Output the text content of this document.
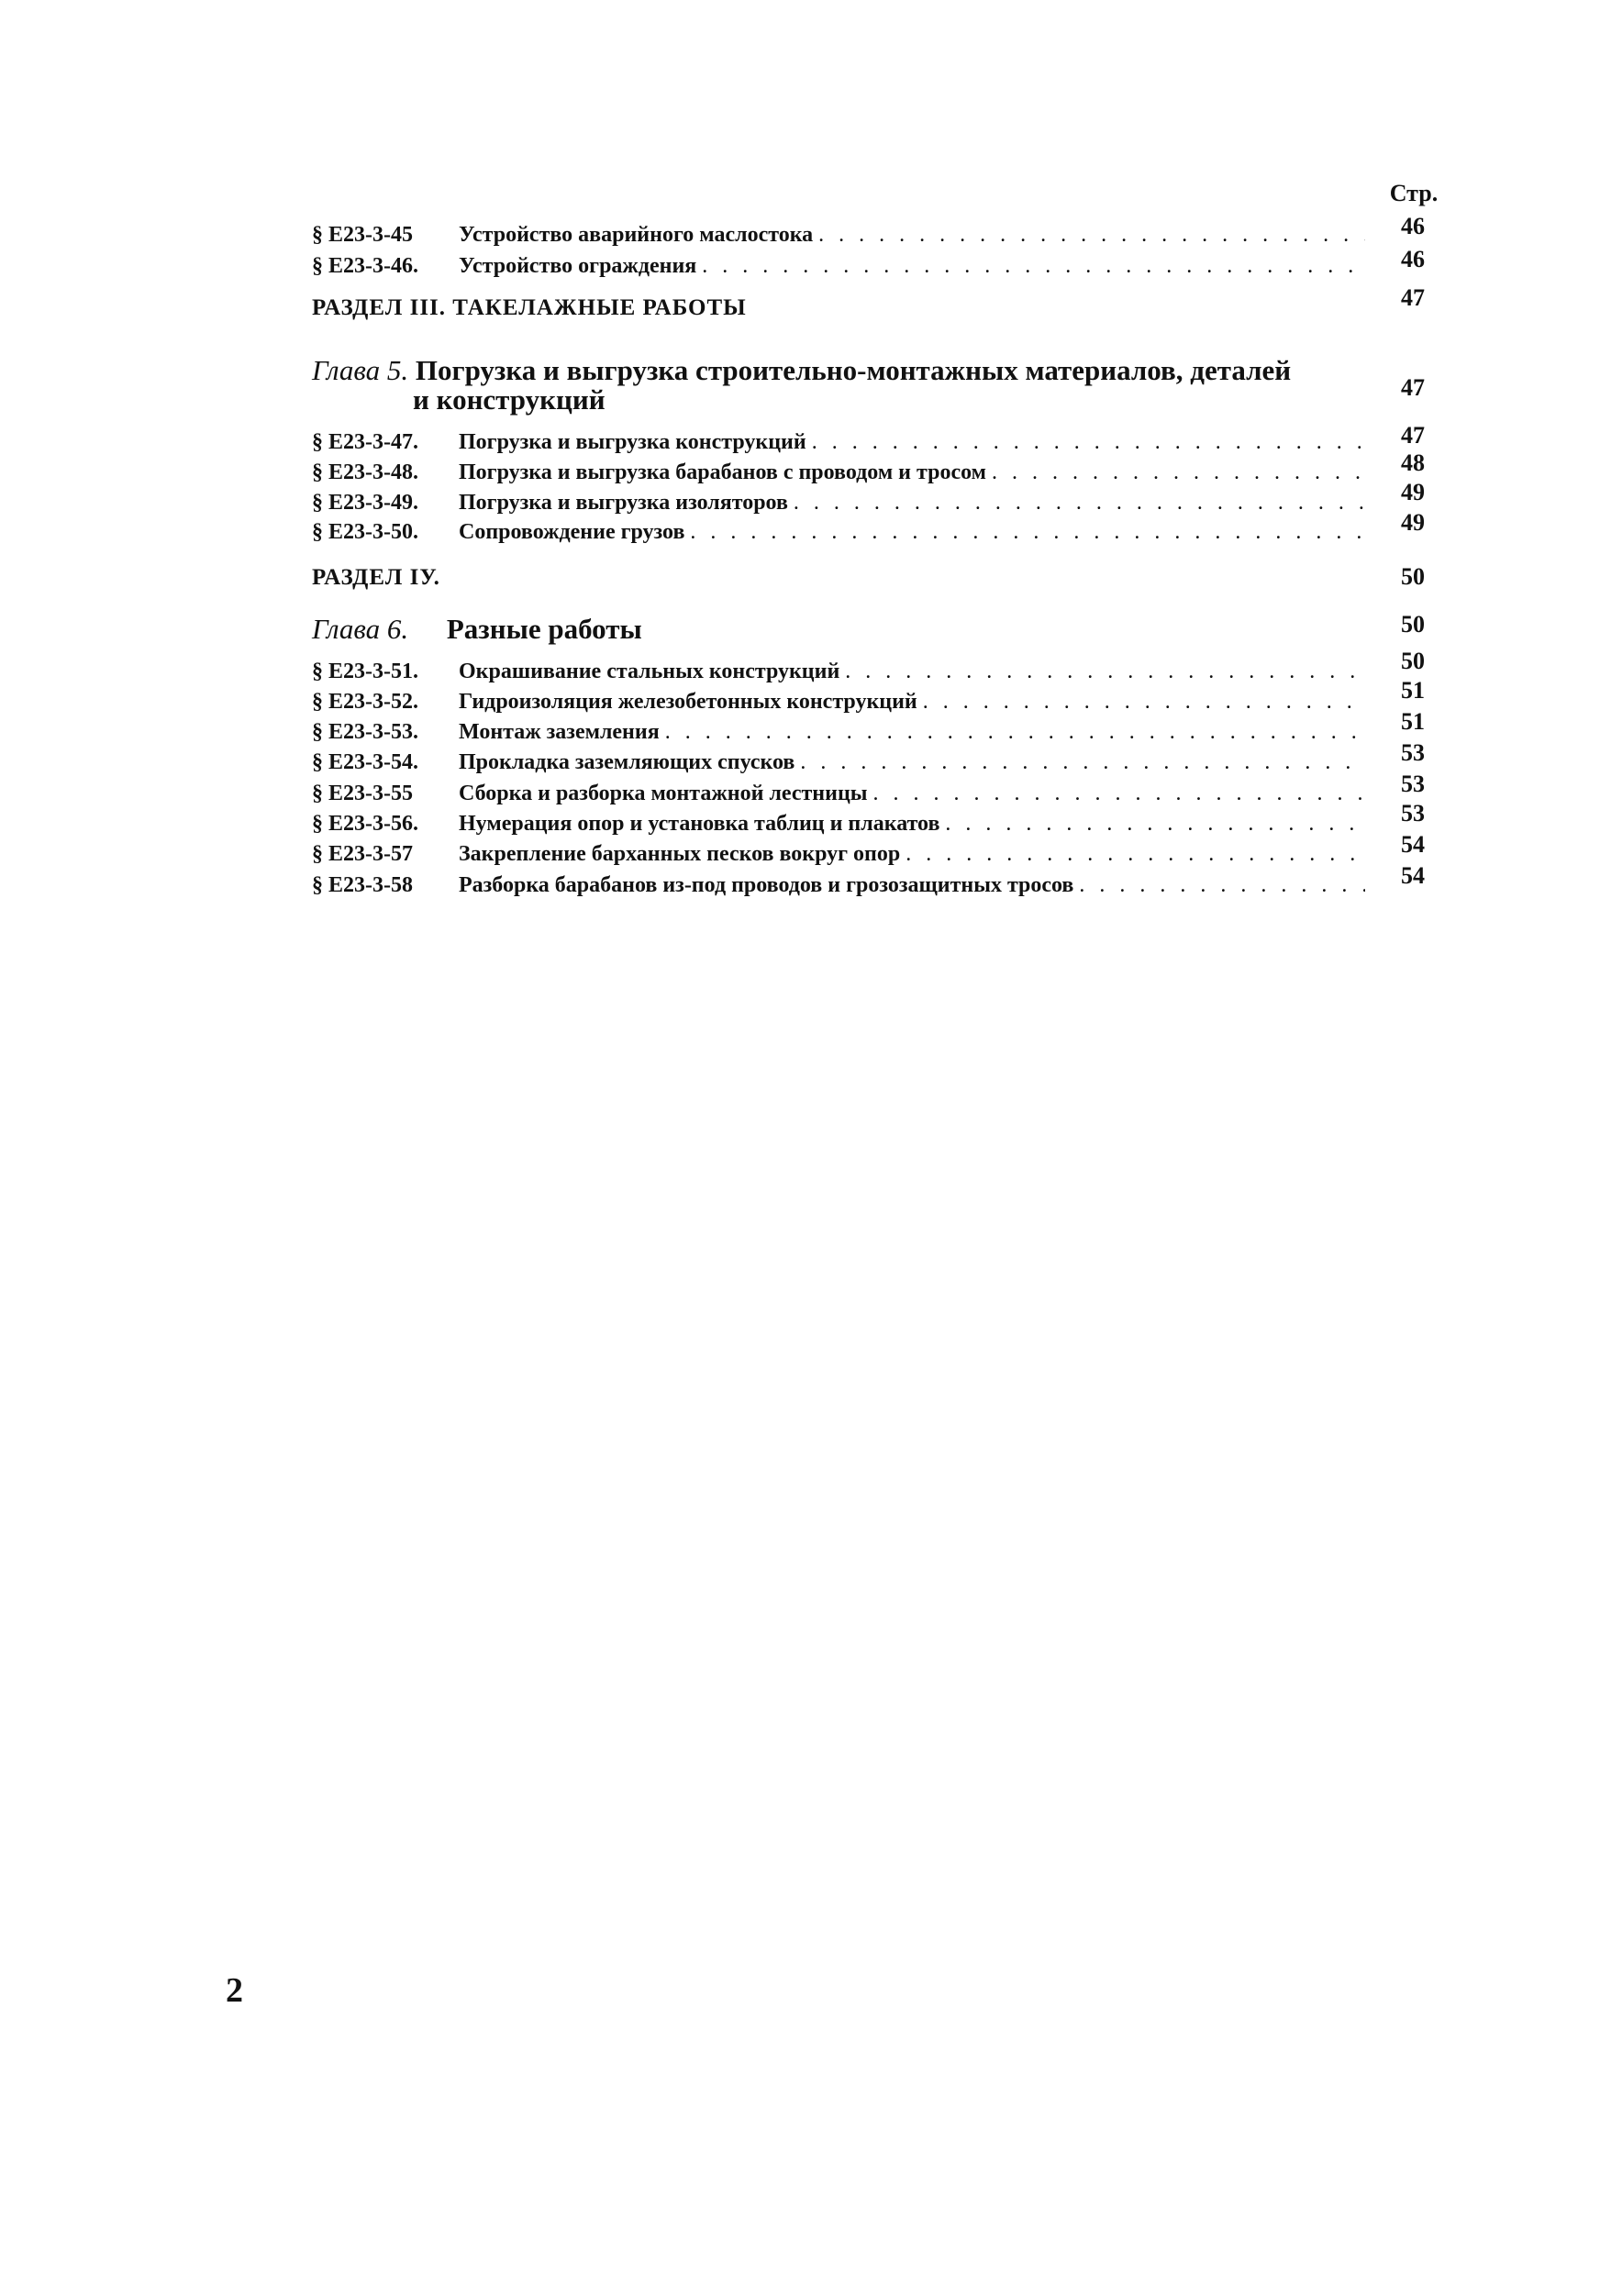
Стр.
§ E23-3-45	Устройство аварийного маслостока . . .	46
§ E23-3-46.	Устройство ограждения . . .	46
РАЗДЕЛ III. ТАКЕЛАЖНЫЕ РАБОТЫ	47
Глава 5. Погрузка и выгрузка строительно-монтажных материалов, деталей
и конструкций	47
§ E23-3-47.	Погрузка и выгрузка конструкций . . .	47
§ E23-3-48.	Погрузка и выгрузка барабанов с проводом и тросом . . .	48
§ E23-3-49.	Погрузка и выгрузка изоляторов . . .	49
§ E23-3-50.	Сопровождение грузов . . .	49
РАЗДЕЛ IУ.	50
Глава 6. Разные работы	50
§ E23-3-51.	Окрашивание стальных конструкций . . .	50
§ E23-3-52.	Гидроизоляция железобетонных конструкций . . .	51
§ E23-3-53.	Монтаж заземления . . .	51
§ E23-3-54.	Прокладка заземляющих спусков . . .	53
§ E23-3-55	Сборка и разборка монтажной лестницы . . .	53
§ E23-3-56.	Нумерация опор и установка таблиц и плакатов . . .	53
§ E23-3-57	Закрепление барханных песков вокруг опор . . .	54
§ E23-3-58	Разборка барабанов из-под проводов и грозозащитных тросов . . .	54
2
